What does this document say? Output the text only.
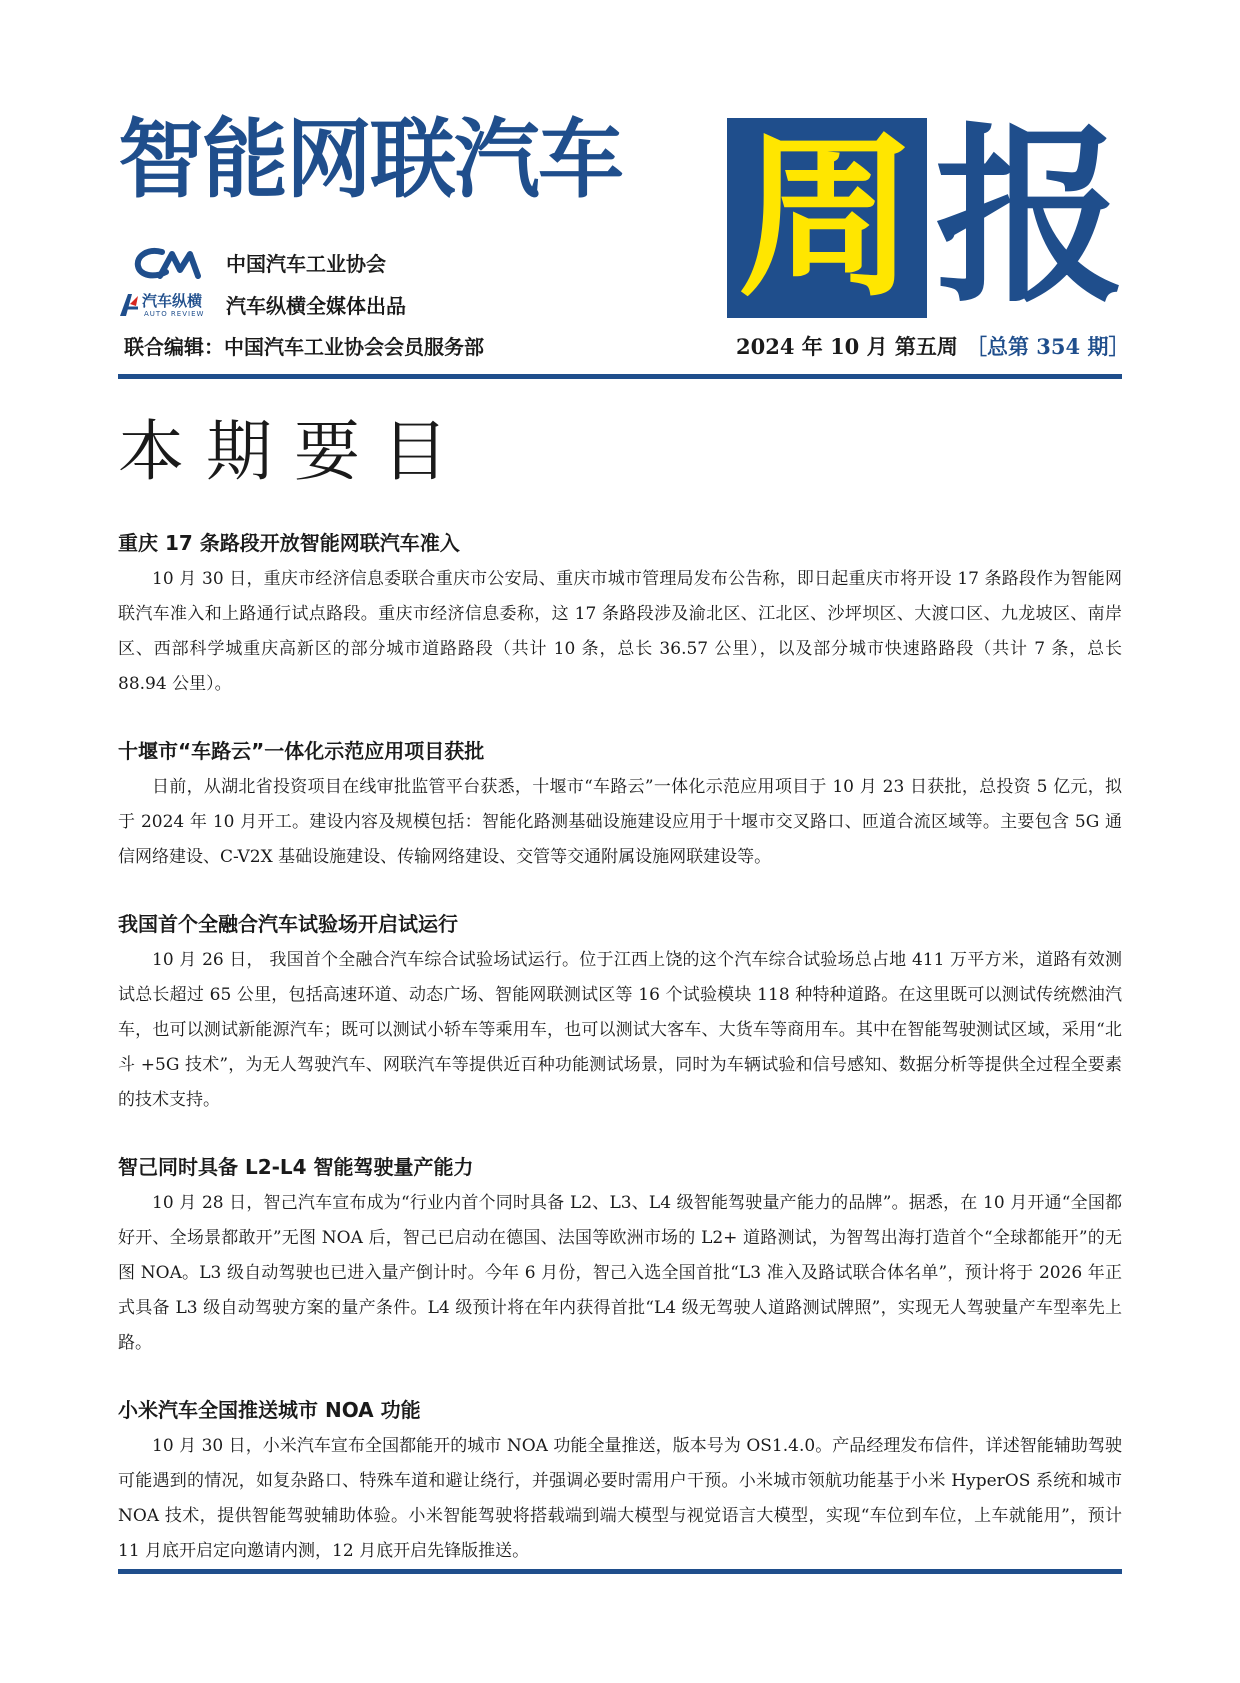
智能网联汽车 周 报
中国汽车工业协会
汽车纵横
AUTO REVIEW 汽车纵横全媒体出品
联合编辑：中国汽车工业协会会员服务部	2024 年 10 月 第五周 ［总第 354 期］
本期要目
重庆 17 条路段开放智能网联汽车准入

10 月 30 日，重庆市经济信息委联合重庆市公安局、重庆市城市管理局发布公告称，即日起重庆市将开设 17 条路段作为智能网联汽车准入和上路通行试点路段。重庆市经济信息委称，这 17 条路段涉及渝北区、江北区、沙坪坝区、大渡口区、九龙坡区、南岸区、西部科学城重庆高新区的部分城市道路路段（共计 10 条，总长 36.57 公里），以及部分城市快速路路段（共计 7 条，总长 88.94 公里）。

十堰市“车路云”一体化示范应用项目获批

日前，从湖北省投资项目在线审批监管平台获悉，十堰市“车路云”一体化示范应用项目于 10 月 23 日获批，总投资 5 亿元，拟于 2024 年 10 月开工。建设内容及规模包括：智能化路测基础设施建设应用于十堰市交叉路口、匝道合流区域等。主要包含 5G 通信网络建设、C-V2X 基础设施建设、传输网络建设、交管等交通附属设施网联建设等。

我国首个全融合汽车试验场开启试运行

10 月 26 日， 我国首个全融合汽车综合试验场试运行。位于江西上饶的这个汽车综合试验场总占地 411 万平方米，道路有效测试总长超过 65 公里，包括高速环道、动态广场、智能网联测试区等 16 个试验模块 118 种特种道路。在这里既可以测试传统燃油汽车，也可以测试新能源汽车；既可以测试小轿车等乘用车，也可以测试大客车、大货车等商用车。其中在智能驾驶测试区域，采用“北斗 +5G 技术”，为无人驾驶汽车、网联汽车等提供近百种功能测试场景，同时为车辆试验和信号感知、数据分析等提供全过程全要素的技术支持。

智己同时具备 L2-L4 智能驾驶量产能力

10 月 28 日，智己汽车宣布成为“行业内首个同时具备 L2、L3、L4 级智能驾驶量产能力的品牌”。据悉，在 10 月开通“全国都好开、全场景都敢开”无图 NOA 后，智己已启动在德国、法国等欧洲市场的 L2+ 道路测试，为智驾出海打造首个“全球都能开”的无图 NOA。L3 级自动驾驶也已进入量产倒计时。今年 6 月份，智己入选全国首批“L3 准入及路试联合体名单”，预计将于 2026 年正式具备 L3 级自动驾驶方案的量产条件。L4 级预计将在年内获得首批“L4 级无驾驶人道路测试牌照”，实现无人驾驶量产车型率先上路。

小米汽车全国推送城市 NOA 功能

10 月 30 日，小米汽车宣布全国都能开的城市 NOA 功能全量推送，版本号为 OS1.4.0。产品经理发布信件，详述智能辅助驾驶可能遇到的情况，如复杂路口、特殊车道和避让绕行，并强调必要时需用户干预。小米城市领航功能基于小米 HyperOS 系统和城市 NOA 技术，提供智能驾驶辅助体验。小米智能驾驶将搭载端到端大模型与视觉语言大模型，实现“车位到车位，上车就能用”，预计 11 月底开启定向邀请内测，12 月底开启先锋版推送。
